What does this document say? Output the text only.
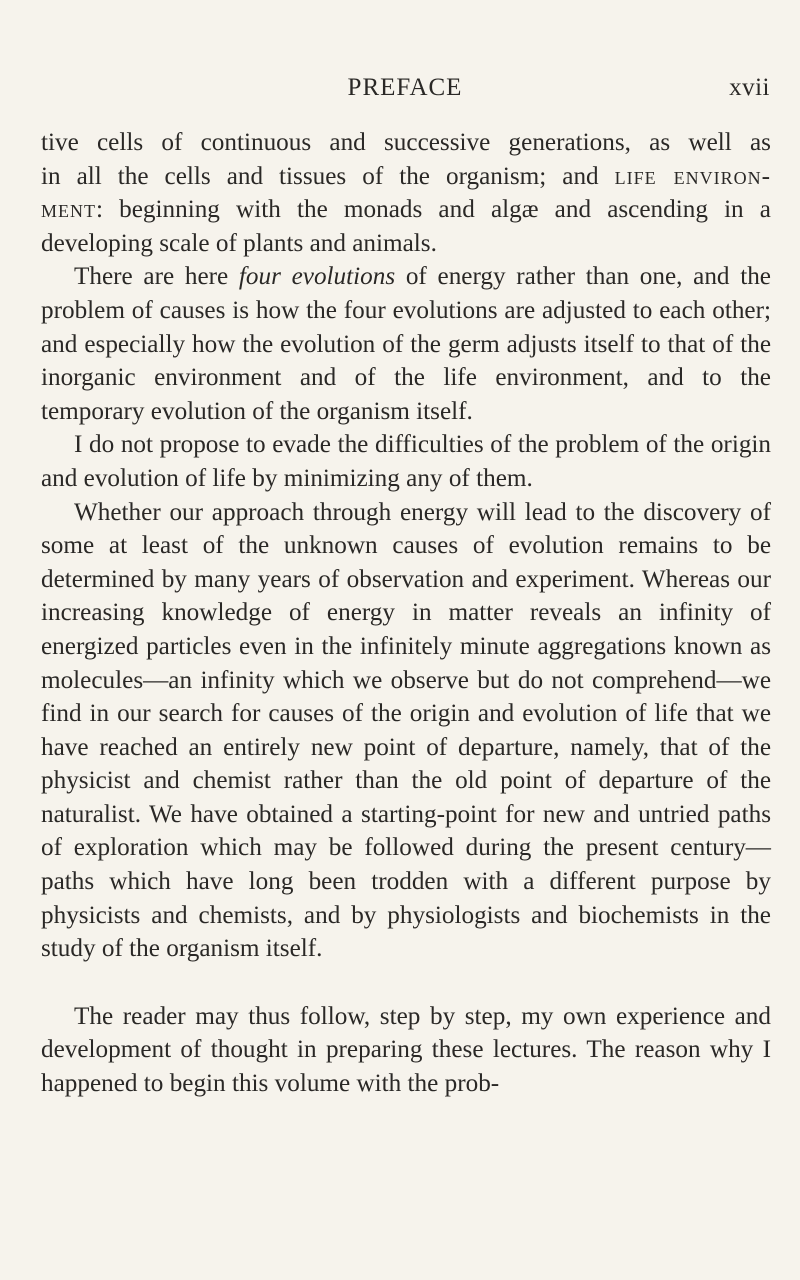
PREFACE	xvii

tive cells of continuous and successive generations, as well as

in all the cells and tissues of the organism; and life environ-

ment: beginning with the monads and algæ and ascending in a

developing scale of plants and animals.

There are here four evolutions of energy rather than one, and the problem of causes is how the four evolutions are adjusted to each other; and especially how the evolution of the germ adjusts itself to that of the inorganic environment and of the life environment, and to the temporary evolution of the organism itself.

I do not propose to evade the difficulties of the problem of the origin and evolution of life by minimizing any of them.

Whether our approach through energy will lead to the discovery of some at least of the unknown causes of evolution remains to be determined by many years of observation and experiment. Whereas our increasing knowledge of energy in matter reveals an infinity of energized particles even in the infinitely minute aggregations known as molecules—an infinity which we observe but do not comprehend—we find in our search for causes of the origin and evolution of life that we have reached an entirely new point of departure, namely, that of the physicist and chemist rather than the old point of departure of the naturalist. We have obtained a starting-point for new and untried paths of exploration which may be followed during the present century—paths which have long been trodden with a different purpose by physicists and chemists, and by physiologists and biochemists in the study of the organism itself.

The reader may thus follow, step by step, my own experience and development of thought in preparing these lectures. The reason why I happened to begin this volume with the prob-
